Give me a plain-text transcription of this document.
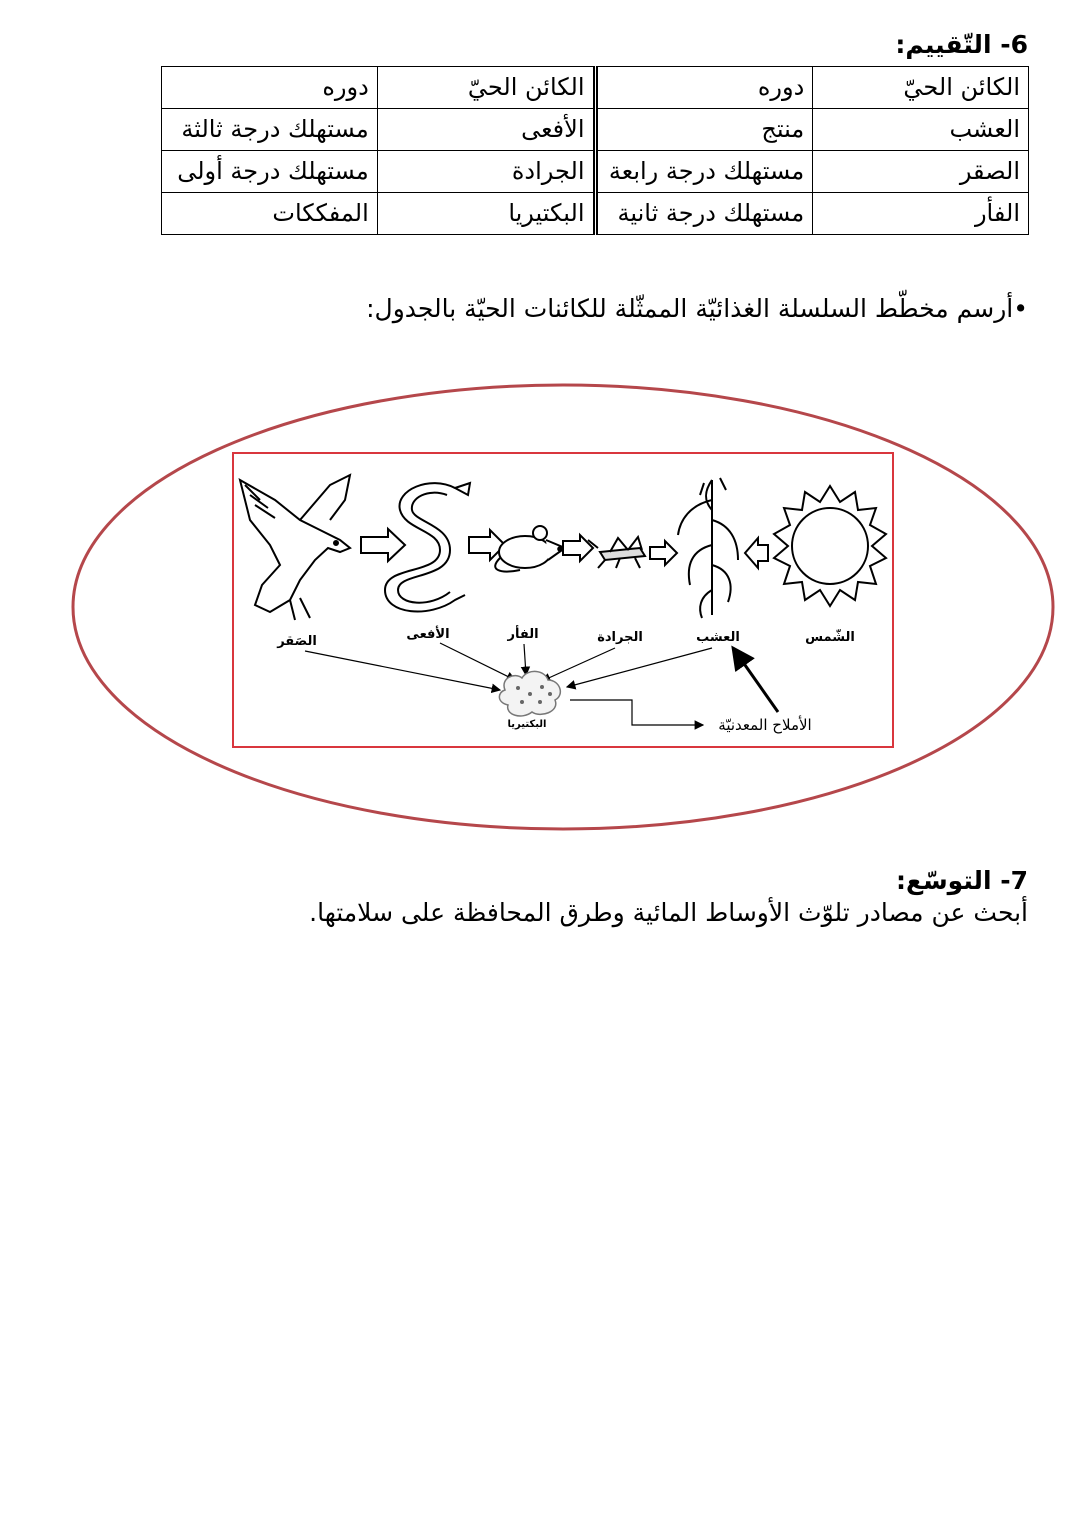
6- التّقييم:
الكائن الحيّ	دوره	الكائن الحيّ	دوره
العشب	منتج	الأفعى	مستهلك درجة ثالثة
الصقر	مستهلك درجة رابعة	الجرادة	مستهلك درجة أولى
الفأر	مستهلك درجة ثانية	البكتيريا	المفككات
•أرسم مخطّط السلسلة الغذائيّة الممثّلة للكائنات الحيّة بالجدول:
الصَقر	الأفعى	الفأر	الجرادة	العشب	الشّمس
البكتيريا	الأملاح المعدنيّة
7- التوسّع:
أبحث عن مصادر تلوّث الأوساط المائية وطرق المحافظة على سلامتها.
